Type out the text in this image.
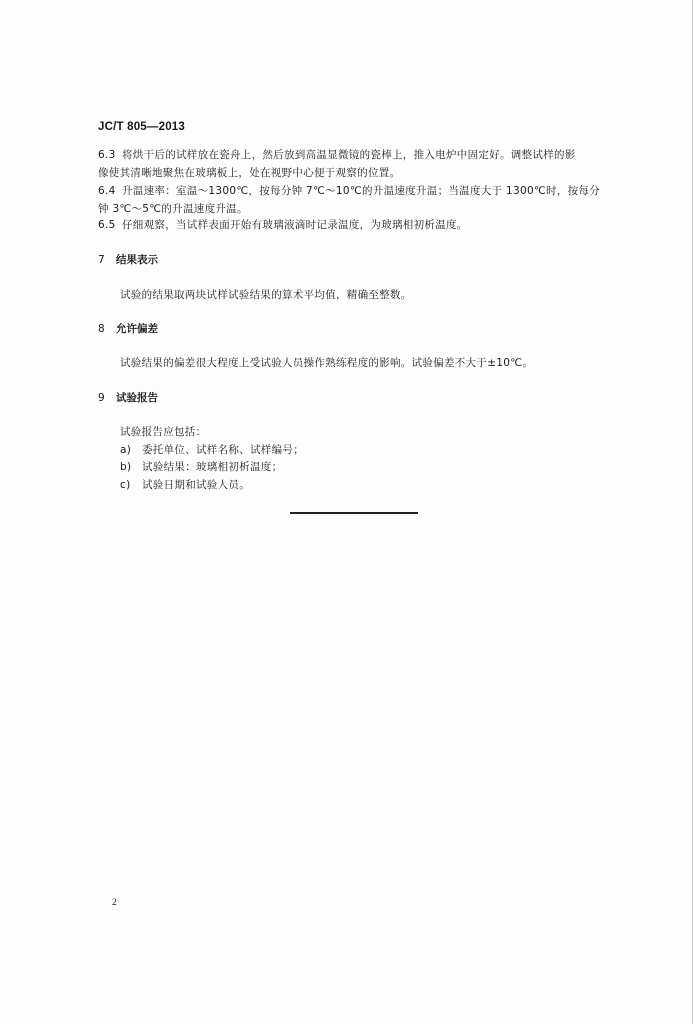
JC/T 805—2013
6.3 将烘干后的试样放在瓷舟上，然后放到高温显微镜的瓷棒上，推入电炉中固定好。调整试样的影
像使其清晰地聚焦在玻璃板上，处在视野中心便于观察的位置。
6.4 升温速率：室温～1300℃，按每分钟 7℃～10℃的升温速度升温；当温度大于 1300℃时，按每分
钟 3℃～5℃的升温速度升温。
6.5 仔细观察，当试样表面开始有玻璃液滴时记录温度，为玻璃相初析温度。
7 结果表示
试验的结果取两块试样试验结果的算术平均值，精确至整数。
8 允许偏差
试验结果的偏差很大程度上受试验人员操作熟练程度的影响。试验偏差不大于±10℃。
9 试验报告
试验报告应包括：
a) 委托单位、试样名称、试样编号；
b) 试验结果：玻璃相初析温度；
c) 试验日期和试验人员。
2
